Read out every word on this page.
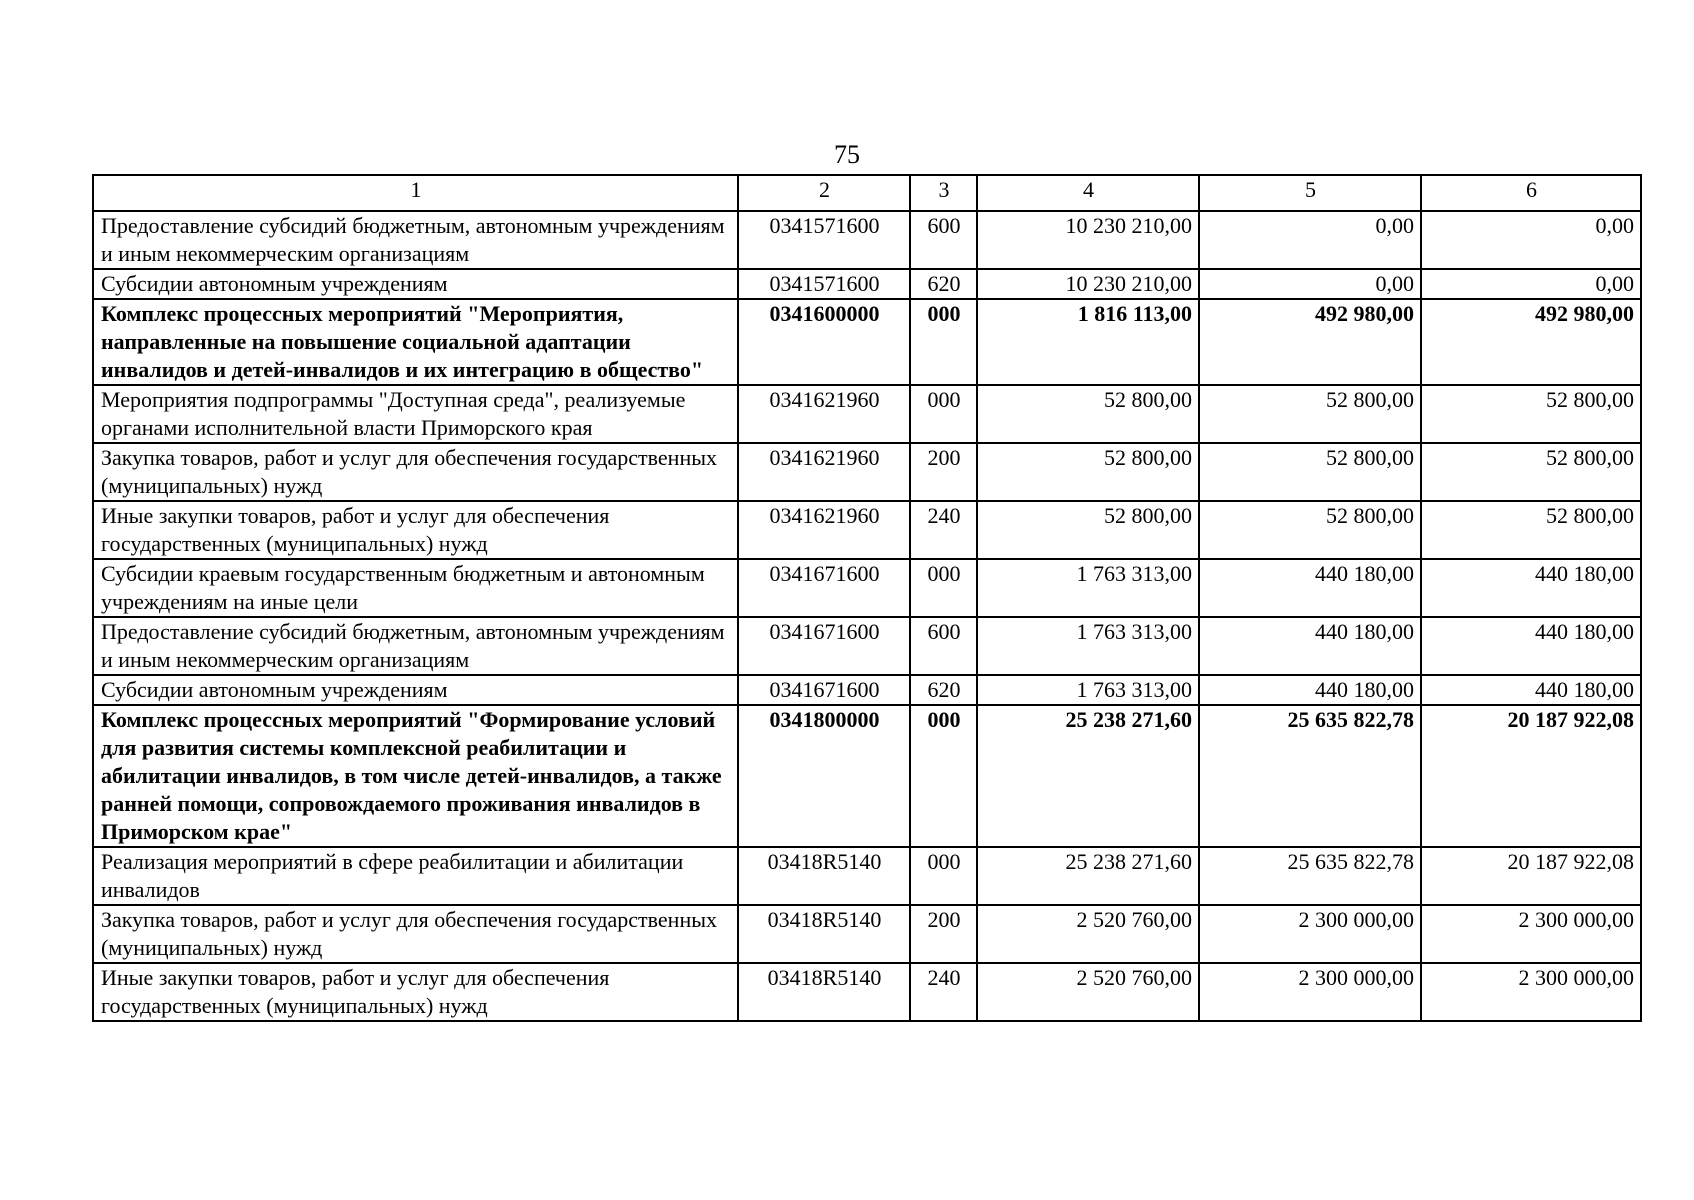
75
1	2	3	4	5	6
Предоставление субсидий бюджетным, автономным учреждениям и иным некоммерческим организациям	0341571600	600	10 230 210,00	0,00	0,00
Субсидии автономным учреждениям	0341571600	620	10 230 210,00	0,00	0,00
Комплекс процессных мероприятий "Мероприятия, направленные на повышение социальной адаптации инвалидов и детей-инвалидов и их интеграцию в общество"	0341600000	000	1 816 113,00	492 980,00	492 980,00
Мероприятия подпрограммы "Доступная среда", реализуемые органами исполнительной власти Приморского края	0341621960	000	52 800,00	52 800,00	52 800,00
Закупка товаров, работ и услуг для обеспечения государственных (муниципальных) нужд	0341621960	200	52 800,00	52 800,00	52 800,00
Иные закупки товаров, работ и услуг для обеспечения государственных (муниципальных) нужд	0341621960	240	52 800,00	52 800,00	52 800,00
Субсидии краевым государственным бюджетным и автономным учреждениям на иные цели	0341671600	000	1 763 313,00	440 180,00	440 180,00
Предоставление субсидий бюджетным, автономным учреждениям и иным некоммерческим организациям	0341671600	600	1 763 313,00	440 180,00	440 180,00
Субсидии автономным учреждениям	0341671600	620	1 763 313,00	440 180,00	440 180,00
Комплекс процессных мероприятий "Формирование условий для развития системы комплексной реабилитации и абилитации инвалидов, в том числе детей-инвалидов, а также ранней помощи, сопровождаемого проживания инвалидов в Приморском крае"	0341800000	000	25 238 271,60	25 635 822,78	20 187 922,08
Реализация мероприятий в сфере реабилитации и абилитации инвалидов	03418R5140	000	25 238 271,60	25 635 822,78	20 187 922,08
Закупка товаров, работ и услуг для обеспечения государственных (муниципальных) нужд	03418R5140	200	2 520 760,00	2 300 000,00	2 300 000,00
Иные закупки товаров, работ и услуг для обеспечения государственных (муниципальных) нужд	03418R5140	240	2 520 760,00	2 300 000,00	2 300 000,00
